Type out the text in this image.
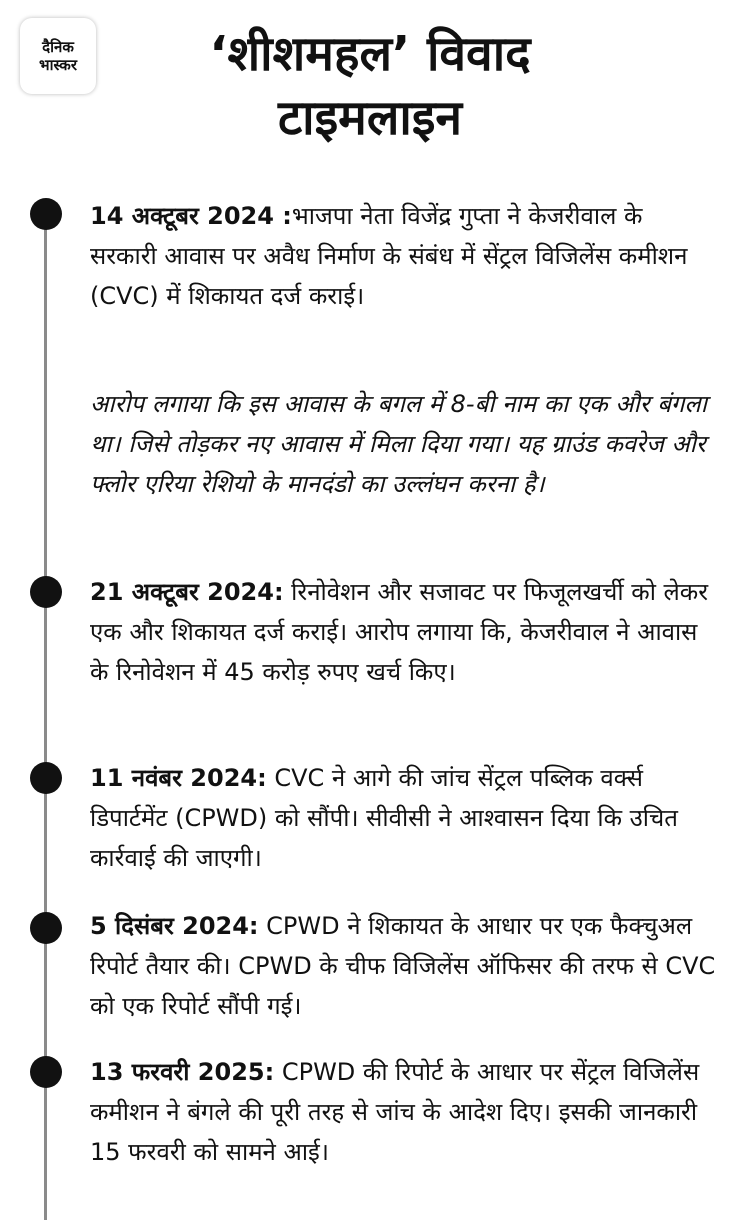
दैनिक
भास्कर	‘शीशमहल’ विवाद
टाइमलाइन
14 अक्टूबर 2024 :भाजपा नेता विजेंद्र गुप्ता ने केजरीवाल के सरकारी आवास पर अवैध निर्माण के संबंध में सेंट्रल विजिलेंस कमीशन (CVC) में शिकायत दर्ज कराई।
आरोप लगाया कि इस आवास के बगल में 8-बी नाम का एक और बंगला था। जिसे तोड़कर नए आवास में मिला दिया गया। यह ग्राउंड कवरेज और फ्लोर एरिया रेशियो के मानदंडो का उल्लंघन करना है।
21 अक्टूबर 2024: रिनोवेशन और सजावट पर फिजूलखर्ची को लेकर एक और शिकायत दर्ज कराई। आरोप लगाया कि, केजरीवाल ने आवास के रिनोवेशन में 45 करोड़ रुपए खर्च किए।
11 नवंबर 2024: CVC ने आगे की जांच सेंट्रल पब्लिक वर्क्स डिपार्टमेंट (CPWD) को सौंपी। सीवीसी ने आश्वासन दिया कि उचित कार्रवाई की जाएगी।
5 दिसंबर 2024: CPWD ने शिकायत के आधार पर एक फैक्चुअल रिपोर्ट तैयार की। CPWD के चीफ विजिलेंस ऑफिसर की तरफ से CVC को एक रिपोर्ट सौंपी गई।
13 फरवरी 2025: CPWD की रिपोर्ट के आधार पर सेंट्रल विजिलेंस कमीशन ने बंगले की पूरी तरह से जांच के आदेश दिए। इसकी जानकारी 15 फरवरी को सामने आई।
